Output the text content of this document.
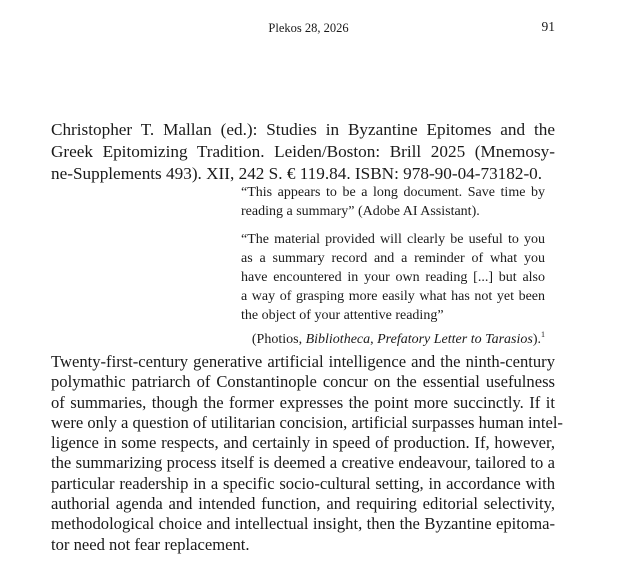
Plekos 28, 2026	91
Christopher T. Mallan (ed.): Studies in Byzantine Epitomes and the
Greek Epitomizing Tradition. Leiden/Boston: Brill 2025 (Mnemosy-
ne-Supplements 493). XII, 242 S. € 119.84. ISBN: 978-90-04-73182-0.
“This appears to be a long document. Save time by
reading a summary” (Adobe AI Assistant).
“The material provided will clearly be useful to you
as a summary record and a reminder of what you
have encountered in your own reading [...] but also
a way of grasping more easily what has not yet been
the object of your attentive reading”
(Photios, Bibliotheca, Prefatory Letter to Tarasios).$^1$
Twenty-first-century generative artificial intelligence and the ninth-century
polymathic patriarch of Constantinople concur on the essential usefulness
of summaries, though the former expresses the point more succinctly. If it
were only a question of utilitarian concision, artificial surpasses human intel-
ligence in some respects, and certainly in speed of production. If, however,
the summarizing process itself is deemed a creative endeavour, tailored to a
particular readership in a specific socio-cultural setting, in accordance with
authorial agenda and intended function, and requiring editorial selectivity,
methodological choice and intellectual insight, then the Byzantine epitoma-
tor need not fear replacement.
